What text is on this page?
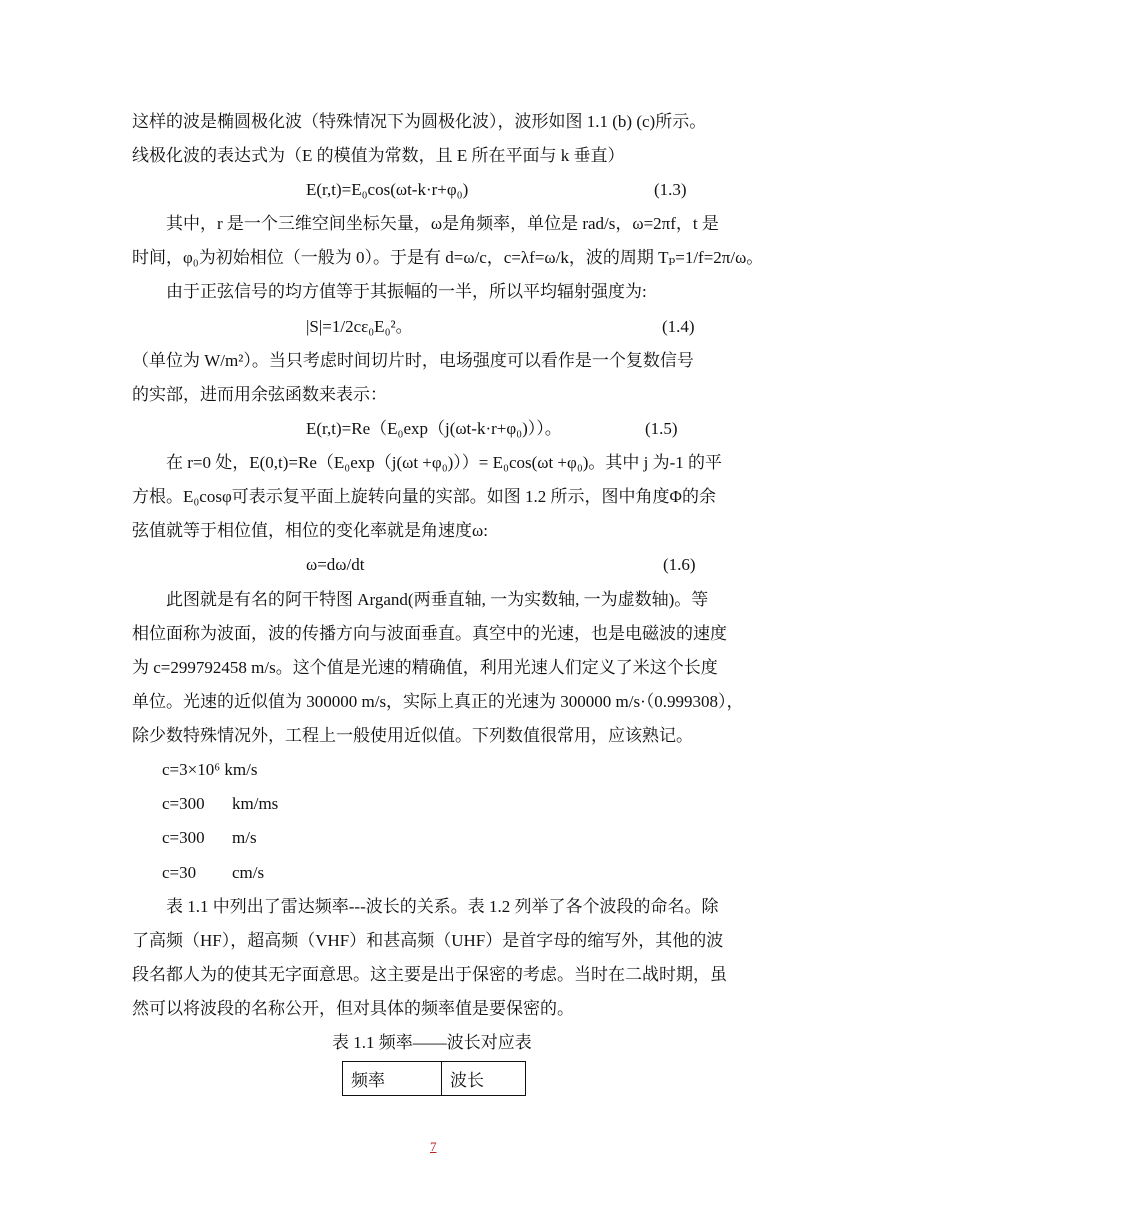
这样的波是椭圆极化波（特殊情况下为圆极化波），波形如图 1.1 (b) (c)所示。
线极化波的表达式为（E 的模值为常数，且 E 所在平面与 k 垂直）
E(r,t)=E₀cos(ωt-k·r+φ₀)	(1.3)
其中，r 是一个三维空间坐标矢量，ω是角频率，单位是 rad/s，ω=2πf，t 是
时间，φ₀为初始相位（一般为 0）。于是有 d=ω/c，c=λf=ω/k，波的周期 Tₚ=1/f=2π/ω。
由于正弦信号的均方值等于其振幅的一半，所以平均辐射强度为:
|S|=1/2cε₀E₀²。	(1.4)
（单位为 W/m²）。当只考虑时间切片时，电场强度可以看作是一个复数信号
的实部，进而用余弦函数来表示：
E(r,t)=Re（E₀exp（j(ωt-k·r+φ₀)））。	(1.5)
在 r=0 处，E(0,t)=Re（E₀exp（j(ωt +φ₀)））= E₀cos(ωt +φ₀)。其中 j 为-1 的平
方根。E₀cosφ可表示复平面上旋转向量的实部。如图 1.2 所示，图中角度Φ的余
弦值就等于相位值，相位的变化率就是角速度ω:
ω=dω/dt	(1.6)
此图就是有名的阿干特图 Argand(两垂直轴, 一为实数轴, 一为虚数轴)。等
相位面称为波面，波的传播方向与波面垂直。真空中的光速，也是电磁波的速度
为 c=299792458 m/s。这个值是光速的精确值，利用光速人们定义了米这个长度
单位。光速的近似值为 300000 m/s，实际上真正的光速为 300000 m/s·（0.999308），
除少数特殊情况外，工程上一般使用近似值。下列数值很常用，应该熟记。
c=3×10⁶ km/s
c=300 km/ms
c=300 m/s
c=30 cm/s
表 1.1 中列出了雷达频率---波长的关系。表 1.2 列举了各个波段的命名。除
了高频（HF），超高频（VHF）和甚高频（UHF）是首字母的缩写外，其他的波
段名都人为的使其无字面意思。这主要是出于保密的考虑。当时在二战时期，虽
然可以将波段的名称公开，但对具体的频率值是要保密的。
表 1.1 频率——波长对应表
频率	波长
7
